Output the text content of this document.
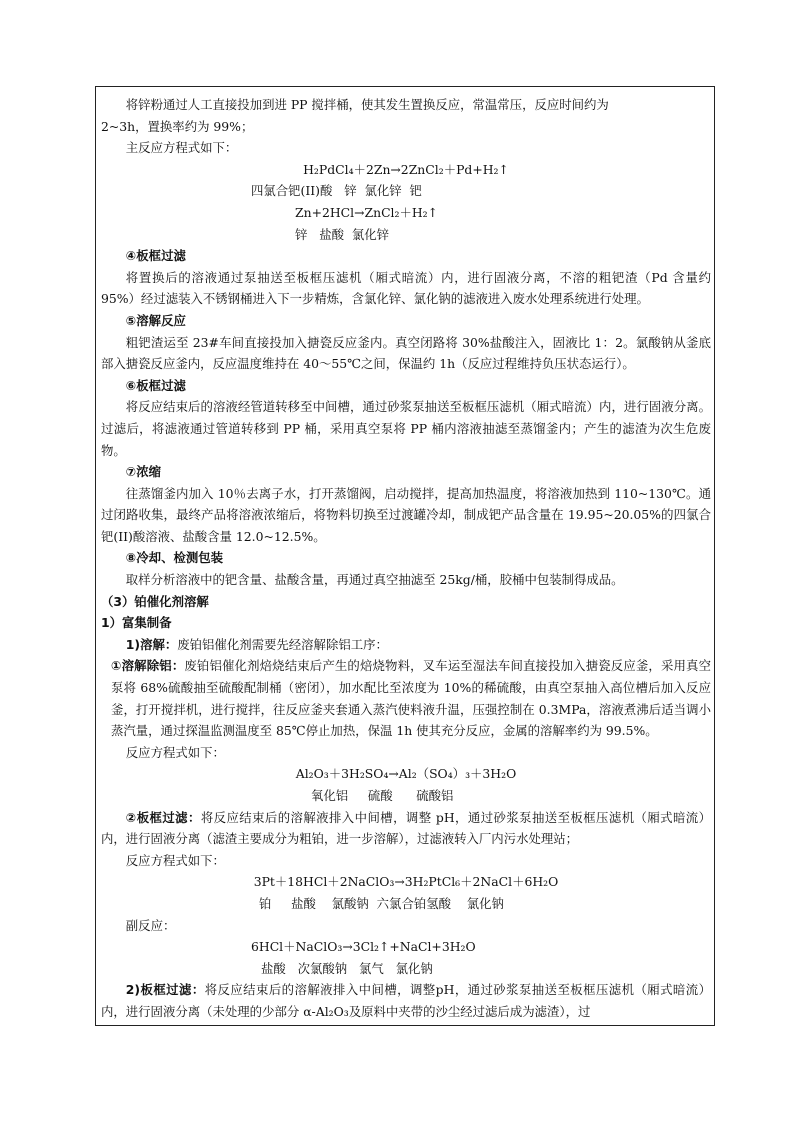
将锌粉通过人工直接投加到进 PP 搅拌桶，使其发生置换反应，常温常压，反应时间约为

2~3h，置换率约为 99%；

主反应方程式如下：

H₂PdCl₄＋2Zn→2ZnCl₂＋Pd+H₂↑

四氯合钯(II)酸   锌  氯化锌  钯

Zn+2HCl→ZnCl₂＋H₂↑

锌   盐酸  氯化锌

④板框过滤

将置换后的溶液通过泵抽送至板框压滤机（厢式暗流）内，进行固液分离，不溶的粗钯渣（Pd 含量约 95%）经过滤装入不锈钢桶进入下一步精炼，含氯化锌、氯化钠的滤液进入废水处理系统进行处理。

⑤溶解反应

粗钯渣运至 23#车间直接投加入搪瓷反应釜内。真空闭路将 30%盐酸注入，固液比 1：2。氯酸钠从釜底部入搪瓷反应釜内，反应温度维持在 40～55℃之间，保温约 1h（反应过程维持负压状态运行）。

⑥板框过滤

将反应结束后的溶液经管道转移至中间槽，通过砂浆泵抽送至板框压滤机（厢式暗流）内，进行固液分离。过滤后，将滤液通过管道转移到 PP 桶，采用真空泵将 PP 桶内溶液抽滤至蒸馏釜内；产生的滤渣为次生危废物。

⑦浓缩

往蒸馏釜内加入 10％去离子水，打开蒸馏阀，启动搅拌，提高加热温度，将溶液加热到 110~130℃。通过闭路收集，最终产品将溶液浓缩后，将物料切换至过渡罐冷却，制成钯产品含量在 19.95~20.05%的四氯合钯(II)酸溶液、盐酸含量 12.0~12.5%。

⑧冷却、检测包装

取样分析溶液中的钯含量、盐酸含量，再通过真空抽滤至 25kg/桶，胶桶中包装制得成品。

（3）铂催化剂溶解

1）富集制备

1)溶解：废铂铝催化剂需要先经溶解除铝工序：

①溶解除铝：废铂铝催化剂焙烧结束后产生的焙烧物料，叉车运至湿法车间直接投加入搪瓷反应釜，采用真空泵将 68%硫酸抽至硫酸配制桶（密闭），加水配比至浓度为 10%的稀硫酸，由真空泵抽入高位槽后加入反应釜，打开搅拌机，进行搅拌，往反应釜夹套通入蒸汽使料液升温，压强控制在 0.3MPa，溶液煮沸后适当调小蒸汽量，通过探温监测温度至 85℃停止加热，保温 1h 使其充分反应，金属的溶解率约为 99.5%。

反应方程式如下：

Al₂O₃＋3H₂SO₄→Al₂（SO₄）₃＋3H₂O

氧化铝     硫酸      硫酸铝

②板框过滤：将反应结束后的溶解液排入中间槽，调整 pH，通过砂浆泵抽送至板框压滤机（厢式暗流）内，进行固液分离（滤渣主要成分为粗铂，进一步溶解），过滤液转入厂内污水处理站；

反应方程式如下：

3Pt＋18HCl＋2NaClO₃→3H₂PtCl₆＋2NaCl＋6H₂O

铂     盐酸    氯酸钠  六氯合铂氢酸    氯化钠

副反应：

6HCl＋NaClO₃→3Cl₂↑+NaCl+3H₂O

盐酸   次氯酸钠   氯气   氯化钠

2)板框过滤：将反应结束后的溶解液排入中间槽，调整pH，通过砂浆泵抽送至板框压滤机（厢式暗流）内，进行固液分离（未处理的少部分 α-Al₂O₃及原料中夹带的沙尘经过滤后成为滤渣），过
